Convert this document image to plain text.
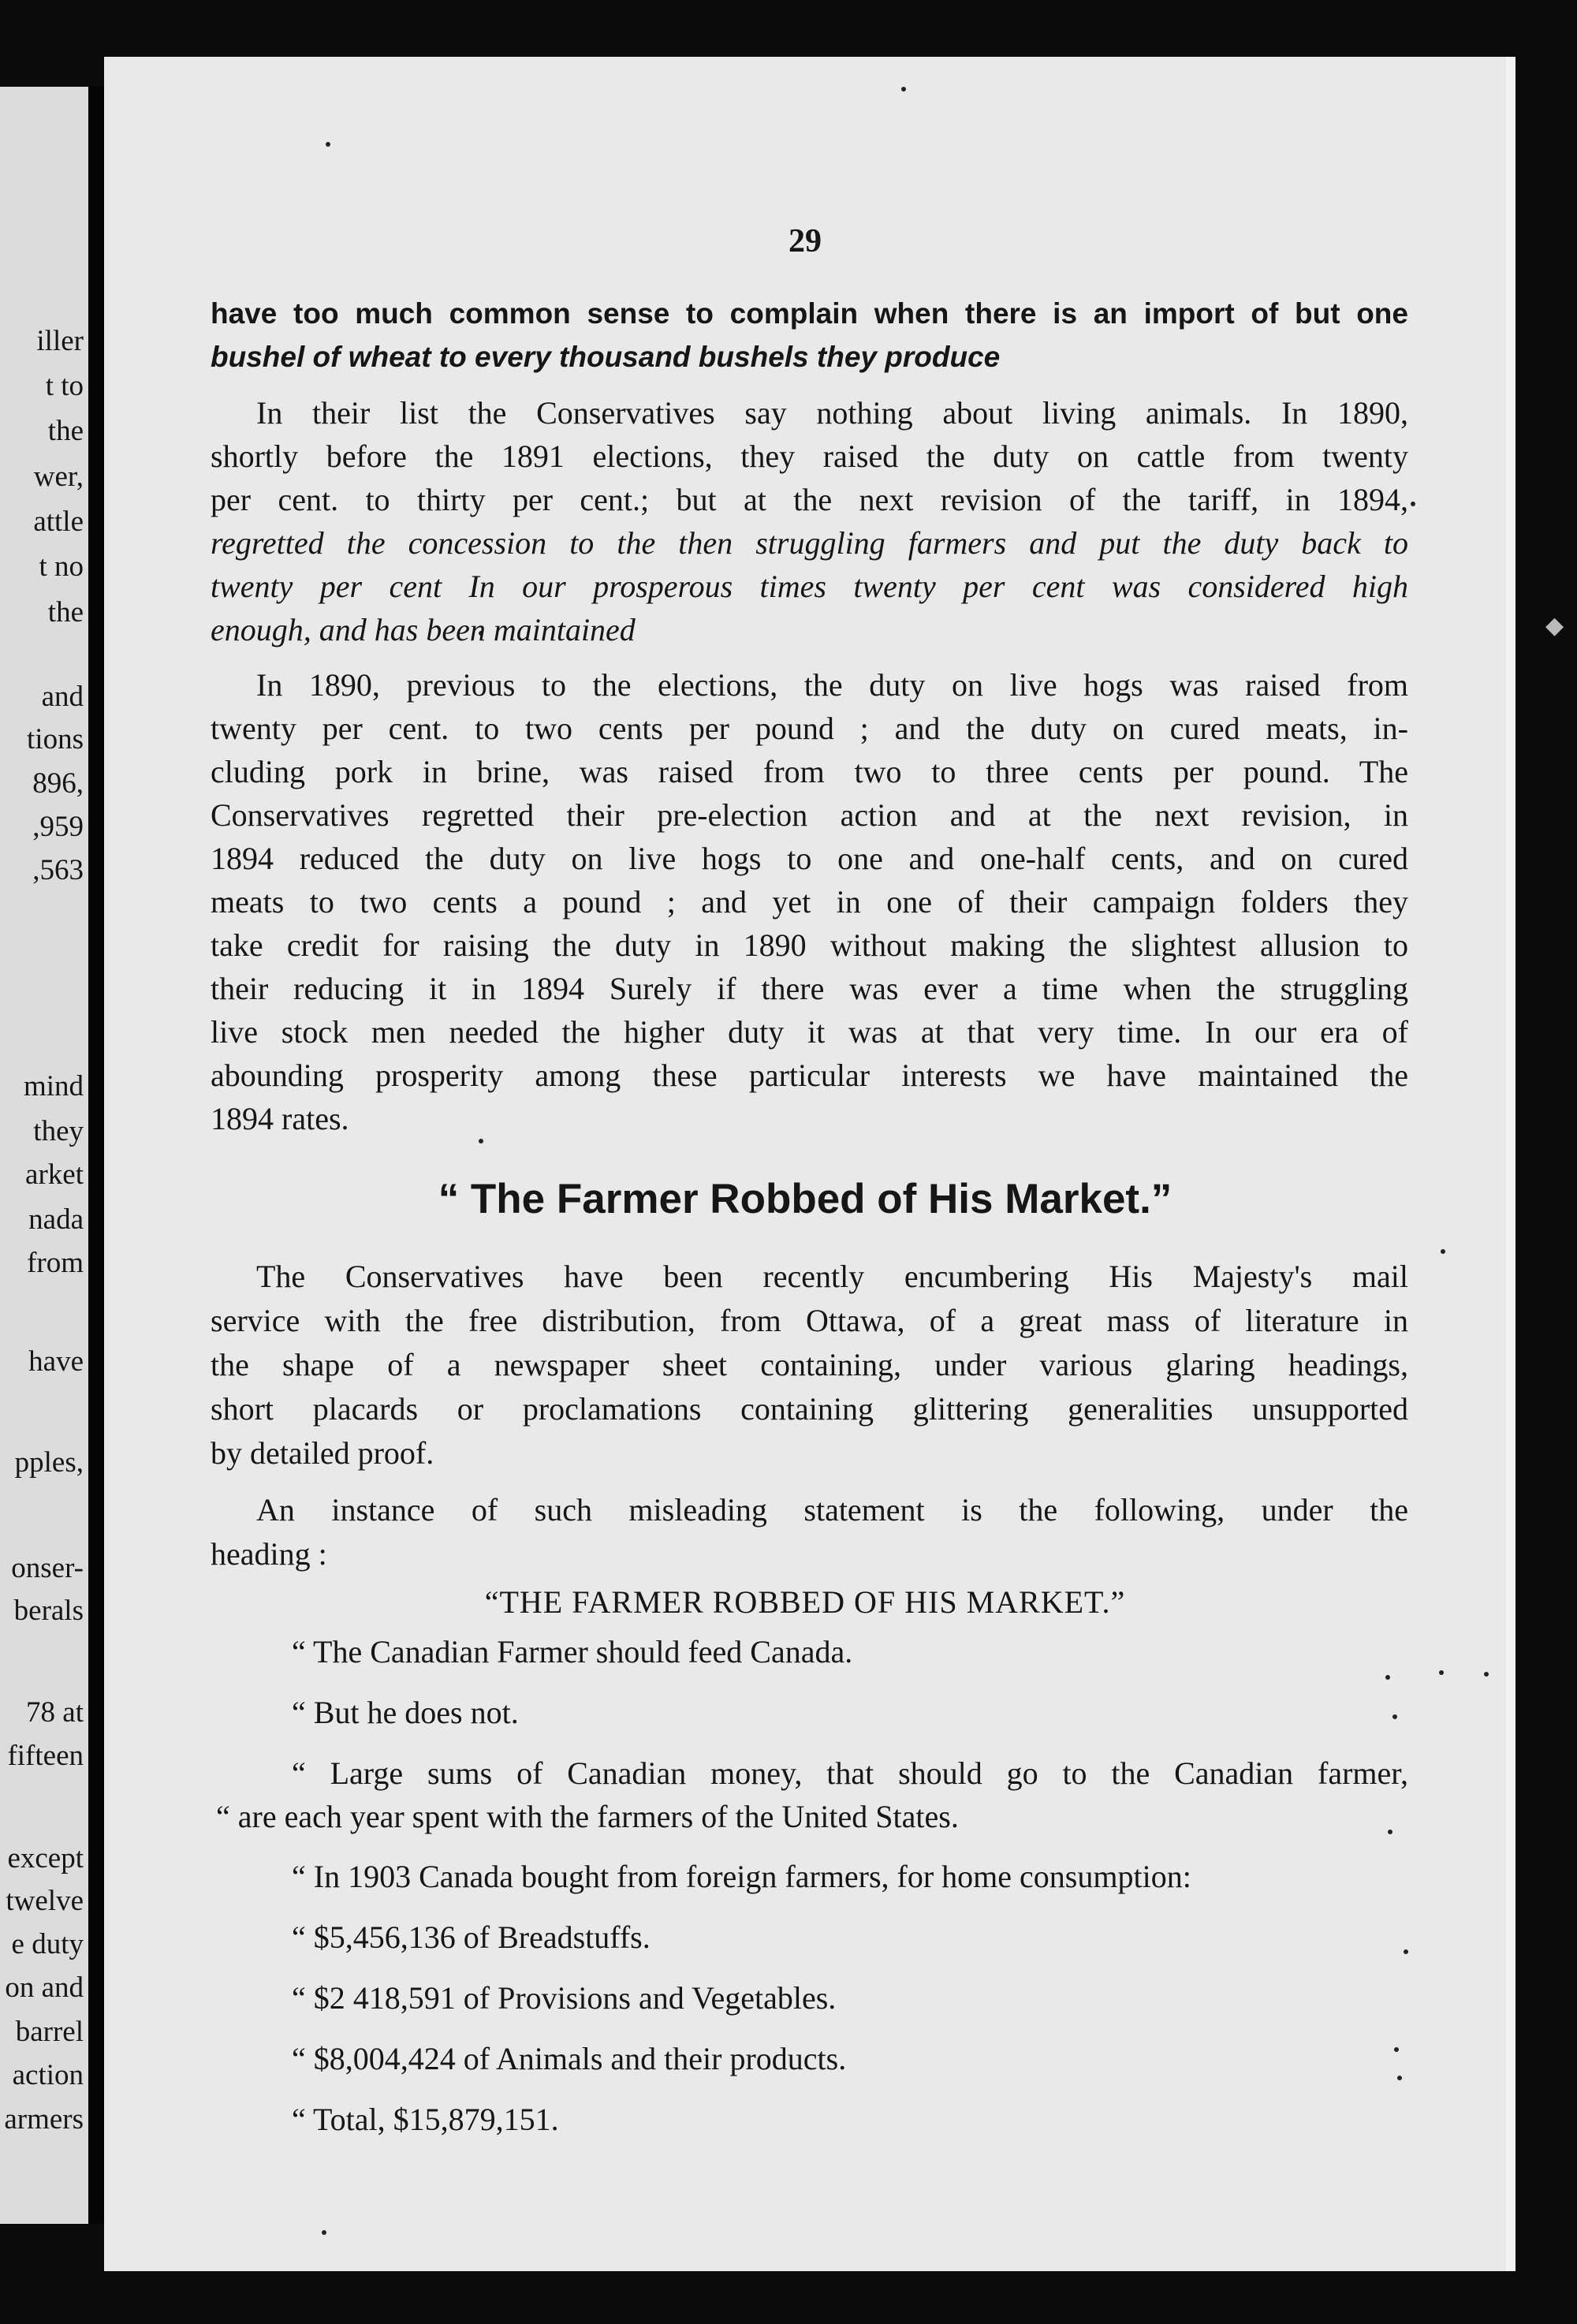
iller
t to
the
wer,
attle
t no
the
and
tions
896,
,959
,563
mind
they
arket
nada
from
have
pples,
onser-
berals
78 at
fifteen
except
twelve
e duty
on and
barrel
action
armers
29
have too much common sense to complain when there is an import of but one
bushel of wheat to every thousand bushels they produce
In their list the Conservatives say nothing about living animals. In 1890,
shortly before the 1891 elections, they raised the duty on cattle from twenty
per cent. to thirty per cent.; but at the next revision of the tariff, in 1894,
regretted the concession to the then struggling farmers and put the duty back to
twenty per cent In our prosperous times twenty per cent was considered high
enough, and has been maintained
In 1890, previous to the elections, the duty on live hogs was raised from
twenty per cent. to two cents per pound ; and the duty on cured meats, in-
cluding pork in brine, was raised from two to three cents per pound. The
Conservatives regretted their pre-election action and at the next revision, in
1894 reduced the duty on live hogs to one and one-half cents, and on cured
meats to two cents a pound ; and yet in one of their campaign folders they
take credit for raising the duty in 1890 without making the slightest allusion to
their reducing it in 1894 Surely if there was ever a time when the struggling
live stock men needed the higher duty it was at that very time. In our era of
abounding prosperity among these particular interests we have maintained the
1894 rates.
“ The Farmer Robbed of His Market.”
The Conservatives have been recently encumbering His Majesty's mail
service with the free distribution, from Ottawa, of a great mass of literature in
the shape of a newspaper sheet containing, under various glaring headings,
short placards or proclamations containing glittering generalities unsupported
by detailed proof.
An instance of such misleading statement is the following, under the
heading :
“THE FARMER ROBBED OF HIS MARKET.”
“ The Canadian Farmer should feed Canada.
“ But he does not.
“ Large sums of Canadian money, that should go to the Canadian farmer,
“ are each year spent with the farmers of the United States.
“ In 1903 Canada bought from foreign farmers, for home consumption:
“ $5,456,136 of Breadstuffs.
“ $2 418,591 of Provisions and Vegetables.
“ $8,004,424 of Animals and their products.
“ Total, $15,879,151.
◆
